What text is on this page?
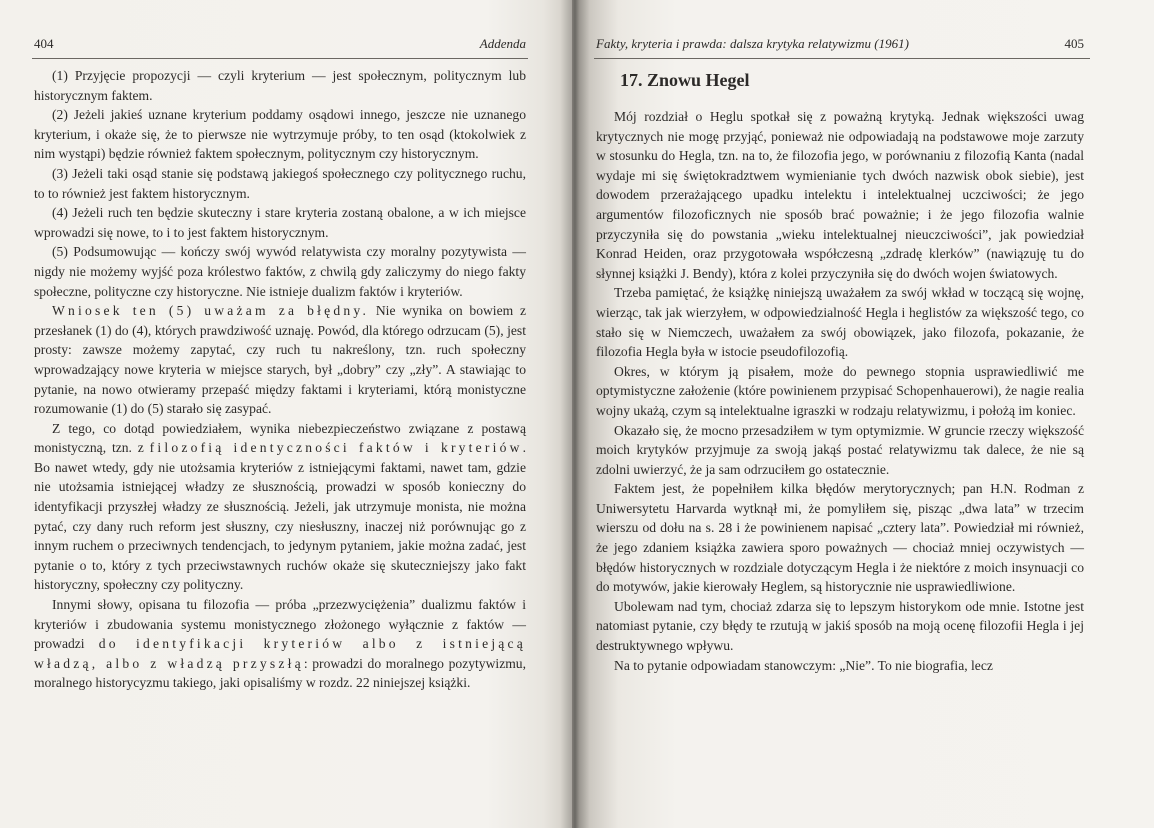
404	Addenda

(1) Przyjęcie propozycji — czyli kryterium — jest społecznym, politycznym lub historycznym faktem.

(2) Jeżeli jakieś uznane kryterium poddamy osądowi innego, jeszcze nie uznanego kryterium, i okaże się, że to pierwsze nie wytrzymuje próby, to ten osąd (ktokolwiek z nim wystąpi) będzie również faktem społecznym, politycznym czy historycznym.

(3) Jeżeli taki osąd stanie się podstawą jakiegoś społecznego czy politycznego ruchu, to to również jest faktem historycznym.

(4) Jeżeli ruch ten będzie skuteczny i stare kryteria zostaną obalone, a w ich miejsce wprowadzi się nowe, to i to jest faktem historycznym.

(5) Podsumowując — kończy swój wywód relatywista czy moralny pozytywista — nigdy nie możemy wyjść poza królestwo faktów, z chwilą gdy zaliczymy do niego fakty społeczne, polityczne czy historyczne. Nie istnieje dualizm faktów i kryteriów.

Wniosek ten (5) uważam za błędny. Nie wynika on bowiem z przesłanek (1) do (4), których prawdziwość uznaję. Powód, dla którego odrzucam (5), jest prosty: zawsze możemy zapytać, czy ruch tu nakreślony, tzn. ruch społeczny wprowadzający nowe kryteria w miejsce starych, był „dobry” czy „zły”. A stawiając to pytanie, na nowo otwieramy przepaść między faktami i kryteriami, którą monistyczne rozumowanie (1) do (5) starało się zasypać.

Z tego, co dotąd powiedziałem, wynika niebezpieczeństwo związane z postawą monistyczną, tzn. z filozofią identyczności faktów i kryteriów. Bo nawet wtedy, gdy nie utożsamia kryteriów z istniejącymi faktami, nawet tam, gdzie nie utożsamia istniejącej władzy ze słusznością, prowadzi w sposób konieczny do identyfikacji przyszłej władzy ze słusznością. Jeżeli, jak utrzymuje monista, nie można pytać, czy dany ruch reform jest słuszny, czy niesłuszny, inaczej niż porównując go z innym ruchem o przeciwnych tendencjach, to jedynym pytaniem, jakie można zadać, jest pytanie o to, który z tych przeciwstawnych ruchów okaże się skuteczniejszy jako fakt historyczny, społeczny czy polityczny.

Innymi słowy, opisana tu filozofia — próba „przezwyciężenia” dualizmu faktów i kryteriów i zbudowania systemu monistycznego złożonego wyłącznie z faktów — prowadzi do identyfikacji kryteriów albo z istniejącą władzą, albo z władzą przyszłą: prowadzi do moralnego pozytywizmu, moralnego historycyzmu takiego, jaki opisaliśmy w rozdz. 22 niniejszej książki.

Fakty, kryteria i prawda: dalsza krytyka relatywizmu (1961)	405
17. Znowu Hegel

Mój rozdział o Heglu spotkał się z poważną krytyką. Jednak większości uwag krytycznych nie mogę przyjąć, ponieważ nie odpowiadają na podstawowe moje zarzuty w stosunku do Hegla, tzn. na to, że filozofia jego, w porównaniu z filozofią Kanta (nadal wydaje mi się świętokradztwem wymienianie tych dwóch nazwisk obok siebie), jest dowodem przerażającego upadku intelektu i intelektualnej uczciwości; że jego argumentów filozoficznych nie sposób brać poważnie; i że jego filozofia walnie przyczyniła się do powstania „wieku intelektualnej nieuczciwości”, jak powiedział Konrad Heiden, oraz przygotowała współczesną „zdradę klerków” (nawiązuję tu do słynnej książki J. Bendy), która z kolei przyczyniła się do dwóch wojen światowych.

Trzeba pamiętać, że książkę niniejszą uważałem za swój wkład w toczącą się wojnę, wierząc, tak jak wierzyłem, w odpowiedzialność Hegla i heglistów za większość tego, co stało się w Niemczech, uważałem za swój obowiązek, jako filozofa, pokazanie, że filozofia Hegla była w istocie pseudofilozofią.

Okres, w którym ją pisałem, może do pewnego stopnia usprawiedliwić me optymistyczne założenie (które powinienem przypisać Schopenhauerowi), że nagie realia wojny ukażą, czym są intelektualne igraszki w rodzaju relatywizmu, i położą im koniec.

Okazało się, że mocno przesadziłem w tym optymizmie. W gruncie rzeczy większość moich krytyków przyjmuje za swoją jakąś postać relatywizmu tak dalece, że nie są zdolni uwierzyć, że ja sam odrzuciłem go ostatecznie.

Faktem jest, że popełniłem kilka błędów merytorycznych; pan H.N. Rodman z Uniwersytetu Harvarda wytknął mi, że pomyliłem się, pisząc „dwa lata” w trzecim wierszu od dołu na s. 28 i że powinienem napisać „cztery lata”. Powiedział mi również, że jego zdaniem książka zawiera sporo poważnych — chociaż mniej oczywistych — błędów historycznych w rozdziale dotyczącym Hegla i że niektóre z moich insynuacji co do motywów, jakie kierowały Heglem, są historycznie nie usprawiedliwione.

Ubolewam nad tym, chociaż zdarza się to lepszym historykom ode mnie. Istotne jest natomiast pytanie, czy błędy te rzutują w jakiś sposób na moją ocenę filozofii Hegla i jej destruktywnego wpływu.

Na to pytanie odpowiadam stanowczym: „Nie”. To nie biografia, lecz
